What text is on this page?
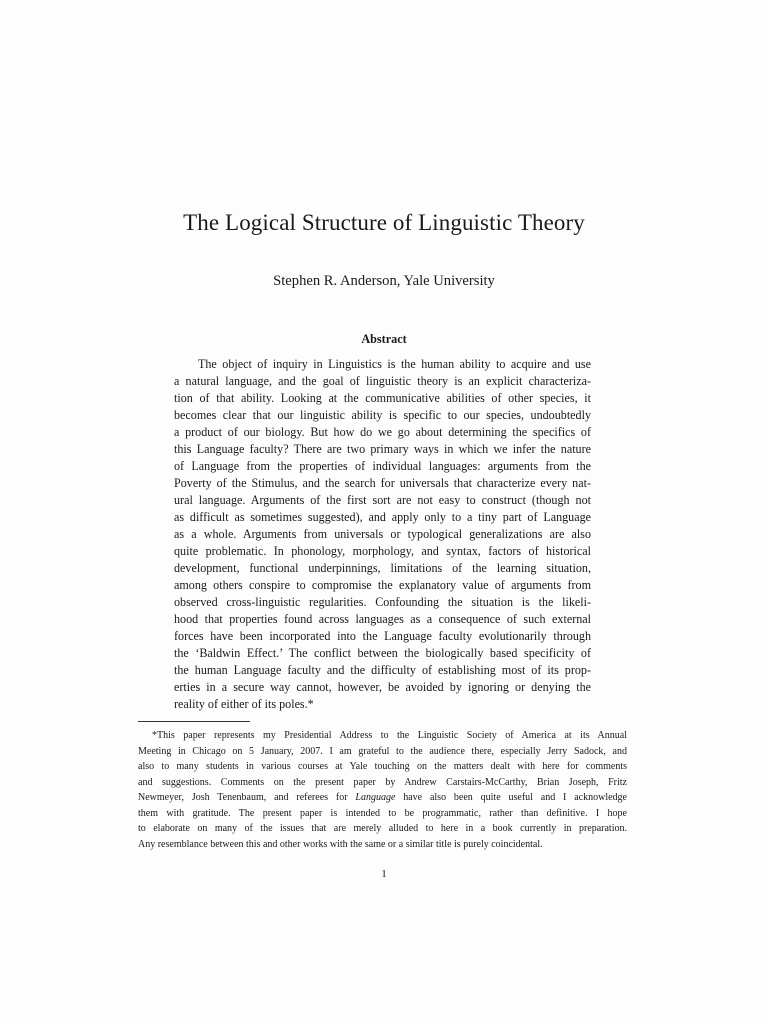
The Logical Structure of Linguistic Theory
Stephen R. Anderson, Yale University
Abstract
The object of inquiry in Linguistics is the human ability to acquire and use
a natural language, and the goal of linguistic theory is an explicit characteriza-
tion of that ability. Looking at the communicative abilities of other species, it
becomes clear that our linguistic ability is specific to our species, undoubtedly
a product of our biology. But how do we go about determining the specifics of
this Language faculty? There are two primary ways in which we infer the nature
of Language from the properties of individual languages: arguments from the
Poverty of the Stimulus, and the search for universals that characterize every nat-
ural language. Arguments of the first sort are not easy to construct (though not
as difficult as sometimes suggested), and apply only to a tiny part of Language
as a whole. Arguments from universals or typological generalizations are also
quite problematic. In phonology, morphology, and syntax, factors of historical
development, functional underpinnings, limitations of the learning situation,
among others conspire to compromise the explanatory value of arguments from
observed cross-linguistic regularities. Confounding the situation is the likeli-
hood that properties found across languages as a consequence of such external
forces have been incorporated into the Language faculty evolutionarily through
the ‘Baldwin Effect.’ The conflict between the biologically based specificity of
the human Language faculty and the difficulty of establishing most of its prop-
erties in a secure way cannot, however, be avoided by ignoring or denying the
reality of either of its poles.*
*This paper represents my Presidential Address to the Linguistic Society of America at its Annual
Meeting in Chicago on 5 January, 2007. I am grateful to the audience there, especially Jerry Sadock, and
also to many students in various courses at Yale touching on the matters dealt with here for comments
and suggestions. Comments on the present paper by Andrew Carstairs-McCarthy, Brian Joseph, Fritz
Newmeyer, Josh Tenenbaum, and referees for Language have also been quite useful and I acknowledge
them with gratitude. The present paper is intended to be programmatic, rather than definitive. I hope
to elaborate on many of the issues that are merely alluded to here in a book currently in preparation.
Any resemblance between this and other works with the same or a similar title is purely coincidental.
1
